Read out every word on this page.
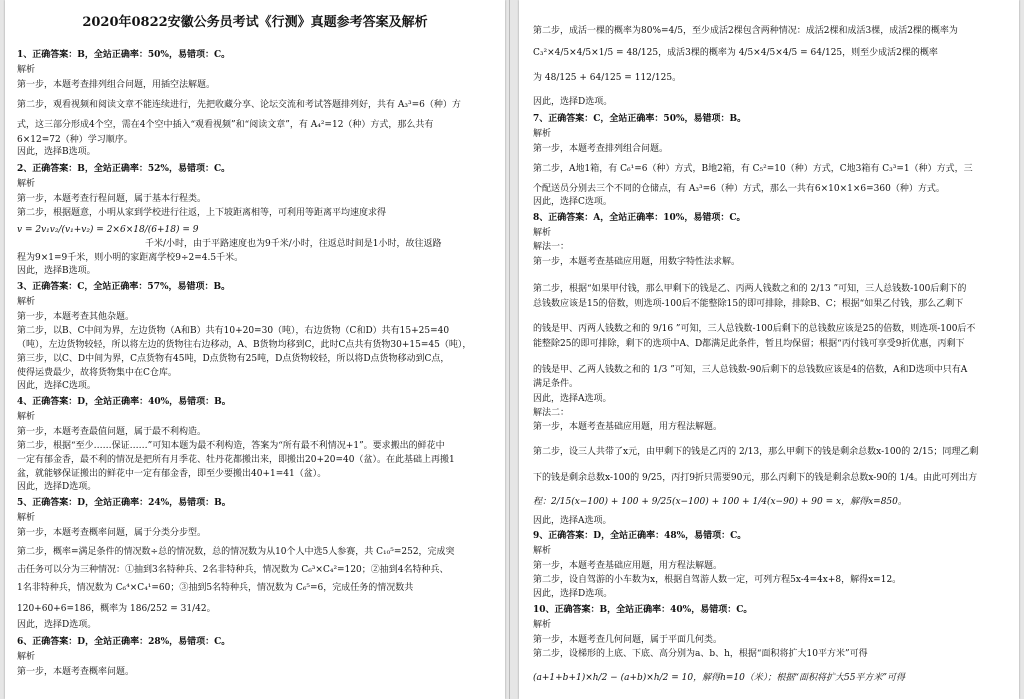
2020年0822安徽公务员考试《行测》真题参考答案及解析
1、正确答案：B，全站正确率：50%，易错项：C。
解析
第一步，本题考查排列组合问题，用插空法解题。
第二步，观看视频和阅读文章不能连续进行，先把收藏分享、论坛交流和考试答题排列好，共有 A₃³=6（种）方
式，这三部分形成4个空，需在4个空中插入“观看视频”和“阅读文章”，有 A₄²=12（种）方式，那么共有
6×12=72（种）学习顺序。
因此，选择B选项。
2、正确答案：B，全站正确率：52%，易错项：C。
解析
第一步，本题考查行程问题，属于基本行程类。
第二步，根据题意，小明从家到学校进行往返，上下坡距离相等，可利用等距离平均速度求得
v = 2v₁v₂/(v₁+v₂) = 2×6×18/(6+18) = 9
千米/小时，由于平路速度也为9千米/小时，往返总时间是1小时，故往返路
程为9×1=9千米，则小明的家距离学校9÷2=4.5千米。
因此，选择B选项。
3、正确答案：C，全站正确率：57%，易错项：B。
解析
第一步，本题考查其他杂题。
第二步，以B、C中间为界，左边货物（A和B）共有10+20=30（吨），右边货物（C和D）共有15+25=40
（吨），左边货物较轻，所以将左边的货物往右边移动，A、B货物均移到C，此时C点共有货物30+15=45（吨），
第三步，以C、D中间为界，C点货物有45吨，D点货物有25吨，D点货物较轻，所以将D点货物移动到C点，
使得运费最少，故将货物集中在C仓库。
因此，选择C选项。
4、正确答案：D，全站正确率：40%，易错项：B。
解析
第一步，本题考查最值问题，属于最不利构造。
第二步，根据“至少……保证……”可知本题为最不利构造，答案为“所有最不利情况+1”。要求搬出的鲜花中
一定有郁金香，最不利的情况是把所有月季花、牡丹花都搬出来，即搬出20+20=40（盆）。在此基础上再搬1
盆，就能够保证搬出的鲜花中一定有郁金香，即至少要搬出40+1=41（盆）。
因此，选择D选项。
5、正确答案：D，全站正确率：24%，易错项：B。
解析
第一步，本题考查概率问题，属于分类分步型。
第二步，概率=满足条件的情况数÷总的情况数，总的情况数为从10个人中选5人参赛，共 C₁₀⁵=252，完成突
击任务可以分为三种情况：①抽到3名特种兵、2名非特种兵，情况数为 C₆³×C₄²=120；②抽到4名特种兵、
1名非特种兵，情况数为 C₆⁴×C₄¹=60；③抽到5名特种兵，情况数为 C₆⁵=6，完成任务的情况数共
120+60+6=186，概率为 186/252 = 31/42。
因此，选择D选项。
6、正确答案：D，全站正确率：28%，易错项：C。
解析
第一步，本题考查概率问题。
第二步，成活一棵的概率为80%=4/5，至少成活2棵包含两种情况：成活2棵和成活3棵，成活2棵的概率为
C₃²×4/5×4/5×1/5 = 48/125，成活3棵的概率为 4/5×4/5×4/5 = 64/125，则至少成活2棵的概率
为 48/125 + 64/125 = 112/125。
因此，选择D选项。
7、正确答案：C，全站正确率：50%，易错项：B。
解析
第一步，本题考查排列组合问题。
第二步，A地1箱，有 C₆¹=6（种）方式，B地2箱，有 C₅²=10（种）方式，C地3箱有 C₃³=1（种）方式，三
个配送员分别去三个不同的仓储点，有 A₃³=6（种）方式，那么一共有6×10×1×6=360（种）方式。
因此，选择C选项。
8、正确答案：A，全站正确率：10%，易错项：C。
解析
解法一：
第一步，本题考查基础应用题，用数字特性法求解。
第二步，根据“如果甲付钱，那么甲剩下的钱是乙、丙两人钱数之和的 2/13 ”可知，三人总钱数-100后剩下的
总钱数应该是15的倍数，则选项-100后不能整除15的即可排除，排除B、C；根据“如果乙付钱，那么乙剩下
的钱是甲、丙两人钱数之和的 9/16 ”可知，三人总钱数-100后剩下的总钱数应该是25的倍数，则选项-100后不
能整除25的即可排除，剩下的选项中A、D都满足此条件，暂且均保留；根据“丙付钱可享受9折优惠，丙剩下
的钱是甲、乙两人钱数之和的 1/3 ”可知，三人总钱数-90后剩下的总钱数应该是4的倍数，A和D选项中只有A
满足条件。
因此，选择A选项。
解法二：
第一步，本题考查基础应用题，用方程法解题。
第二步，设三人共带了x元，由甲剩下的钱是乙丙的 2/13，那么甲剩下的钱是剩余总数x-100的 2/15；同理乙剩
下的钱是剩余总数x-100的 9/25，丙打9折只需要90元，那么丙剩下的钱是剩余总数x-90的 1/4。由此可列出方
程：2/15(x−100) + 100 + 9/25(x−100) + 100 + 1/4(x−90) + 90 = x，解得x=850。
因此，选择A选项。
9、正确答案：D，全站正确率：48%，易错项：C。
解析
第一步，本题考查基础应用题，用方程法解题。
第二步，设自驾游的小车数为x，根据自驾游人数一定，可列方程5x-4=4x+8，解得x=12。
因此，选择D选项。
10、正确答案：B，全站正确率：40%，易错项：C。
解析
第一步，本题考查几何问题，属于平面几何类。
第二步，设梯形的上底、下底、高分别为a、b、h，根据“面积将扩大10平方米”可得
(a+1+b+1)×h/2 − (a+b)×h/2 = 10，解得h=10（米）；根据“面积将扩大55平方米”可得
